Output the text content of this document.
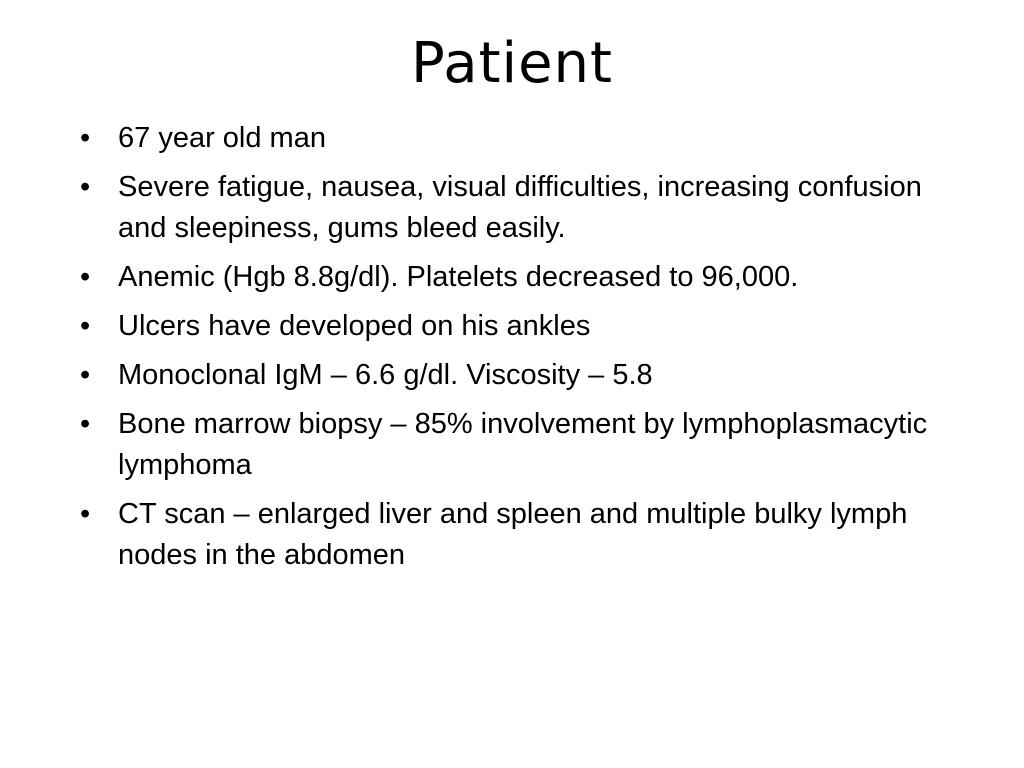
Patient
• 67 year old man
• Severe fatigue, nausea, visual difficulties, increasing confusion and sleepiness, gums bleed easily.
• Anemic (Hgb 8.8g/dl). Platelets decreased to 96,000.
• Ulcers have developed on his ankles
• Monoclonal IgM – 6.6 g/dl. Viscosity – 5.8
• Bone marrow biopsy – 85% involvement by lymphoplasmacytic lymphoma
• CT scan – enlarged liver and spleen and multiple bulky lymph nodes in the abdomen
